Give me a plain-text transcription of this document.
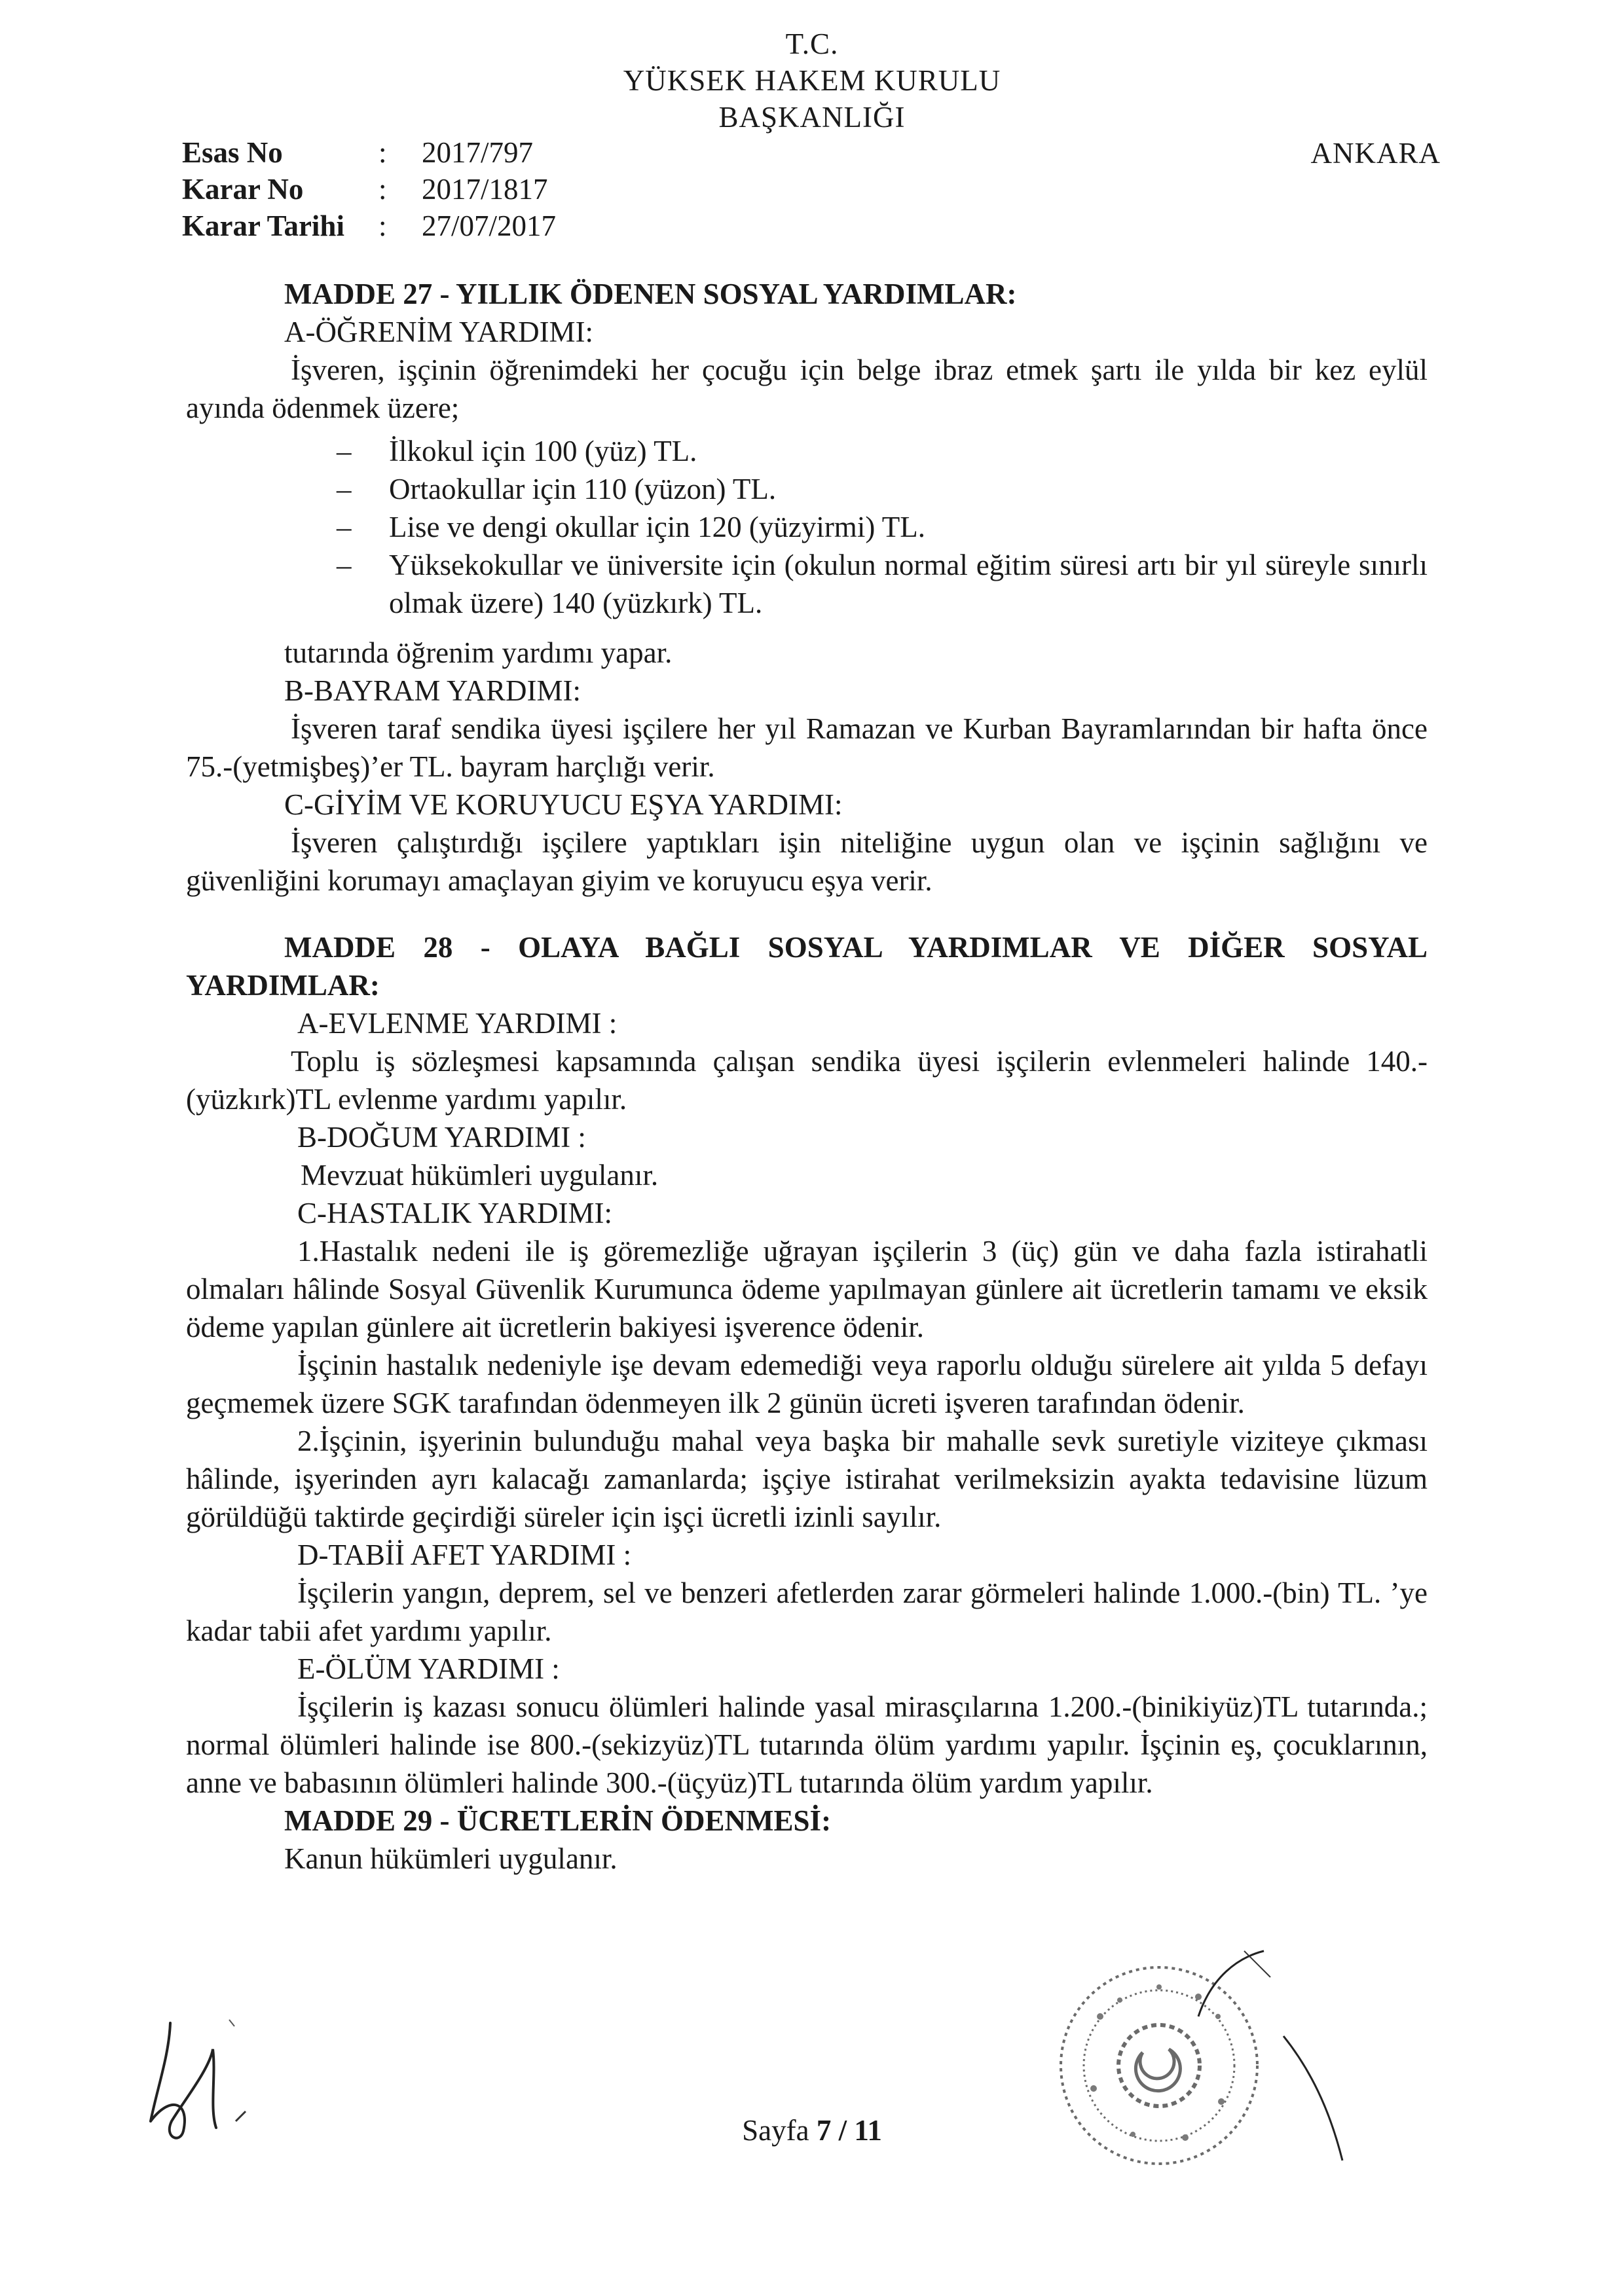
T.C.
YÜKSEK HAKEM KURULU
BAŞKANLIĞI
ANKARA
Esas No	: 2017/797
Karar No	: 2017/1817
Karar Tarihi : 27/07/2017

MADDE 27 - YILLIK ÖDENEN SOSYAL YARDIMLAR:

A-ÖĞRENİM YARDIMI:

İşveren, işçinin öğrenimdeki her çocuğu için belge ibraz etmek şartı ile yılda bir kez eylül ayında ödenmek üzere;

– İlkokul için 100 (yüz) TL.
– Ortaokullar için 110 (yüzon) TL.
– Lise ve dengi okullar için 120 (yüzyirmi) TL.
– Yüksekokullar ve üniversite için (okulun normal eğitim süresi artı bir yıl süreyle sınırlı olmak üzere) 140 (yüzkırk) TL.

tutarında öğrenim yardımı yapar.

B-BAYRAM YARDIMI:

İşveren taraf sendika üyesi işçilere her yıl Ramazan ve Kurban Bayramlarından bir hafta önce 75.-(yetmişbeş)’er TL. bayram harçlığı verir.

C-GİYİM VE KORUYUCU EŞYA YARDIMI:

İşveren çalıştırdığı işçilere yaptıkları işin niteliğine uygun olan ve işçinin sağlığını ve güvenliğini korumayı amaçlayan giyim ve koruyucu eşya verir.

MADDE 28 - OLAYA BAĞLI SOSYAL YARDIMLAR VE DİĞER SOSYAL YARDIMLAR:

A-EVLENME YARDIMI :

Toplu iş sözleşmesi kapsamında çalışan sendika üyesi işçilerin evlenmeleri halinde 140.-(yüzkırk)TL evlenme yardımı yapılır.

B-DOĞUM YARDIMI :

Mevzuat hükümleri uygulanır.

C-HASTALIK YARDIMI:

1.Hastalık nedeni ile iş göremezliğe uğrayan işçilerin 3 (üç) gün ve daha fazla istirahatli olmaları hâlinde Sosyal Güvenlik Kurumunca ödeme yapılmayan günlere ait ücretlerin tamamı ve eksik ödeme yapılan günlere ait ücretlerin bakiyesi işverence ödenir.

İşçinin hastalık nedeniyle işe devam edemediği veya raporlu olduğu sürelere ait yılda 5 defayı geçmemek üzere SGK tarafından ödenmeyen ilk 2 günün ücreti işveren tarafından ödenir.

2.İşçinin, işyerinin bulunduğu mahal veya başka bir mahalle sevk suretiyle viziteye çıkması hâlinde, işyerinden ayrı kalacağı zamanlarda; işçiye istirahat verilmeksizin ayakta tedavisine lüzum görüldüğü taktirde geçirdiği süreler için işçi ücretli izinli sayılır.

D-TABİİ AFET YARDIMI :

İşçilerin yangın, deprem, sel ve benzeri afetlerden zarar görmeleri halinde 1.000.-(bin) TL. ’ye kadar tabii afet yardımı yapılır.

E-ÖLÜM YARDIMI :

İşçilerin iş kazası sonucu ölümleri halinde yasal mirasçılarına 1.200.-(binikiyüz)TL tutarında.; normal ölümleri halinde ise 800.-(sekizyüz)TL tutarında ölüm yardımı yapılır. İşçinin eş, çocuklarının, anne ve babasının ölümleri halinde 300.-(üçyüz)TL tutarında ölüm yardım yapılır.

MADDE 29 - ÜCRETLERİN ÖDENMESİ:

Kanun hükümleri uygulanır.

Sayfa 7 / 11
